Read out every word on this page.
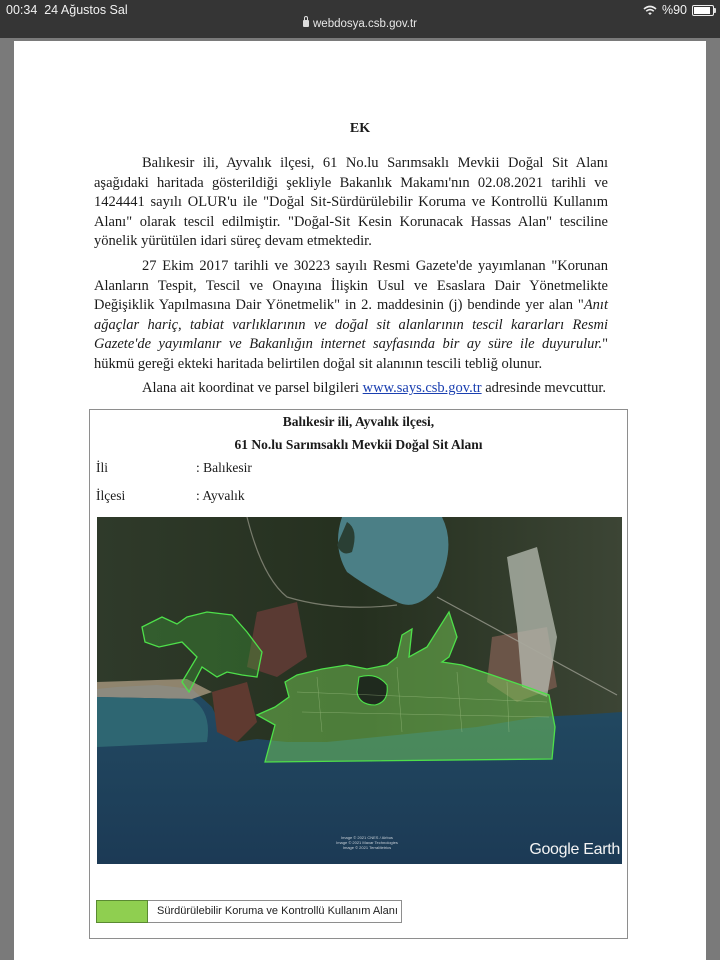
00:34 24 Ağustos Sal	%90
webdosya.csb.gov.tr
EK
Balıkesir ili, Ayvalık ilçesi, 61 No.lu Sarımsaklı Mevkii Doğal Sit Alanı aşağıdaki haritada gösterildiği şekliyle Bakanlık Makamı'nın 02.08.2021 tarihli ve 1424441 sayılı OLUR'u ile "Doğal Sit-Sürdürülebilir Koruma ve Kontrollü Kullanım Alanı" olarak tescil edilmiştir. "Doğal-Sit Kesin Korunacak Hassas Alan" tesciline yönelik yürütülen idari süreç devam etmektedir.
27 Ekim 2017 tarihli ve 30223 sayılı Resmi Gazete'de yayımlanan "Korunan Alanların Tespit, Tescil ve Onayına İlişkin Usul ve Esaslara Dair Yönetmelikte Değişiklik Yapılmasına Dair Yönetmelik" in 2. maddesinin (j) bendinde yer alan "Anıt ağaçlar hariç, tabiat varlıklarının ve doğal sit alanlarının tescil kararları Resmi Gazete'de yayımlanır ve Bakanlığın internet sayfasında bir ay süre ile duyurulur." hükmü gereği ekteki haritada belirtilen doğal sit alanının tescili tebliğ olunur.
Alana ait koordinat ve parsel bilgileri www.says.csb.gov.tr adresinde mevcuttur.
Balıkesir ili, Ayvalık ilçesi,
61 No.lu Sarımsaklı Mevkii Doğal Sit Alanı
İli	: Balıkesir
İlçesi	: Ayvalık
Image © 2021 CNES / Airbus
Image © 2021 Maxar Technologies
Image © 2021 TerraMetrics	Google Earth
Sürdürülebilir Koruma ve Kontrollü Kullanım Alanı
